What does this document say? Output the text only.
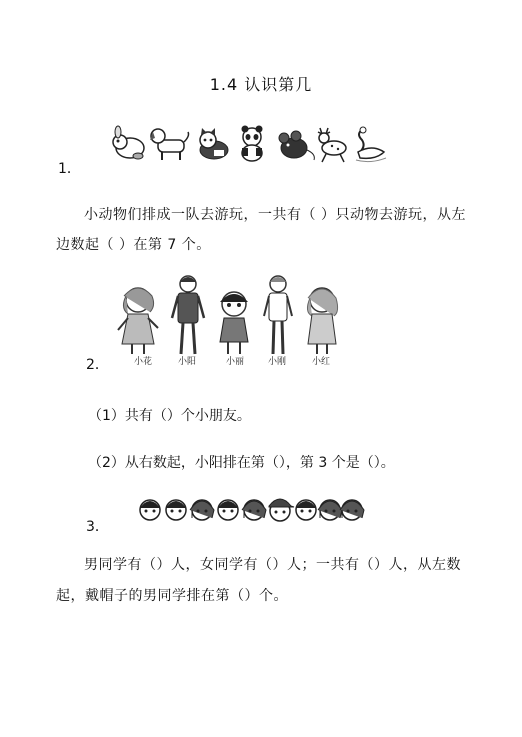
1.4 认识第几
1．
小动物们排成一队去游玩，一共有（ ）只动物去游玩，从左
边数起（ ）在第 7 个。
小花	小阳	小丽	小刚	小红
2．
（1）共有（）个小朋友。
（2）从右数起，小阳排在第（），第 3 个是（）。
3．
男同学有（）人，女同学有（）人；一共有（）人，从左数
起，戴帽子的男同学排在第（）个。
